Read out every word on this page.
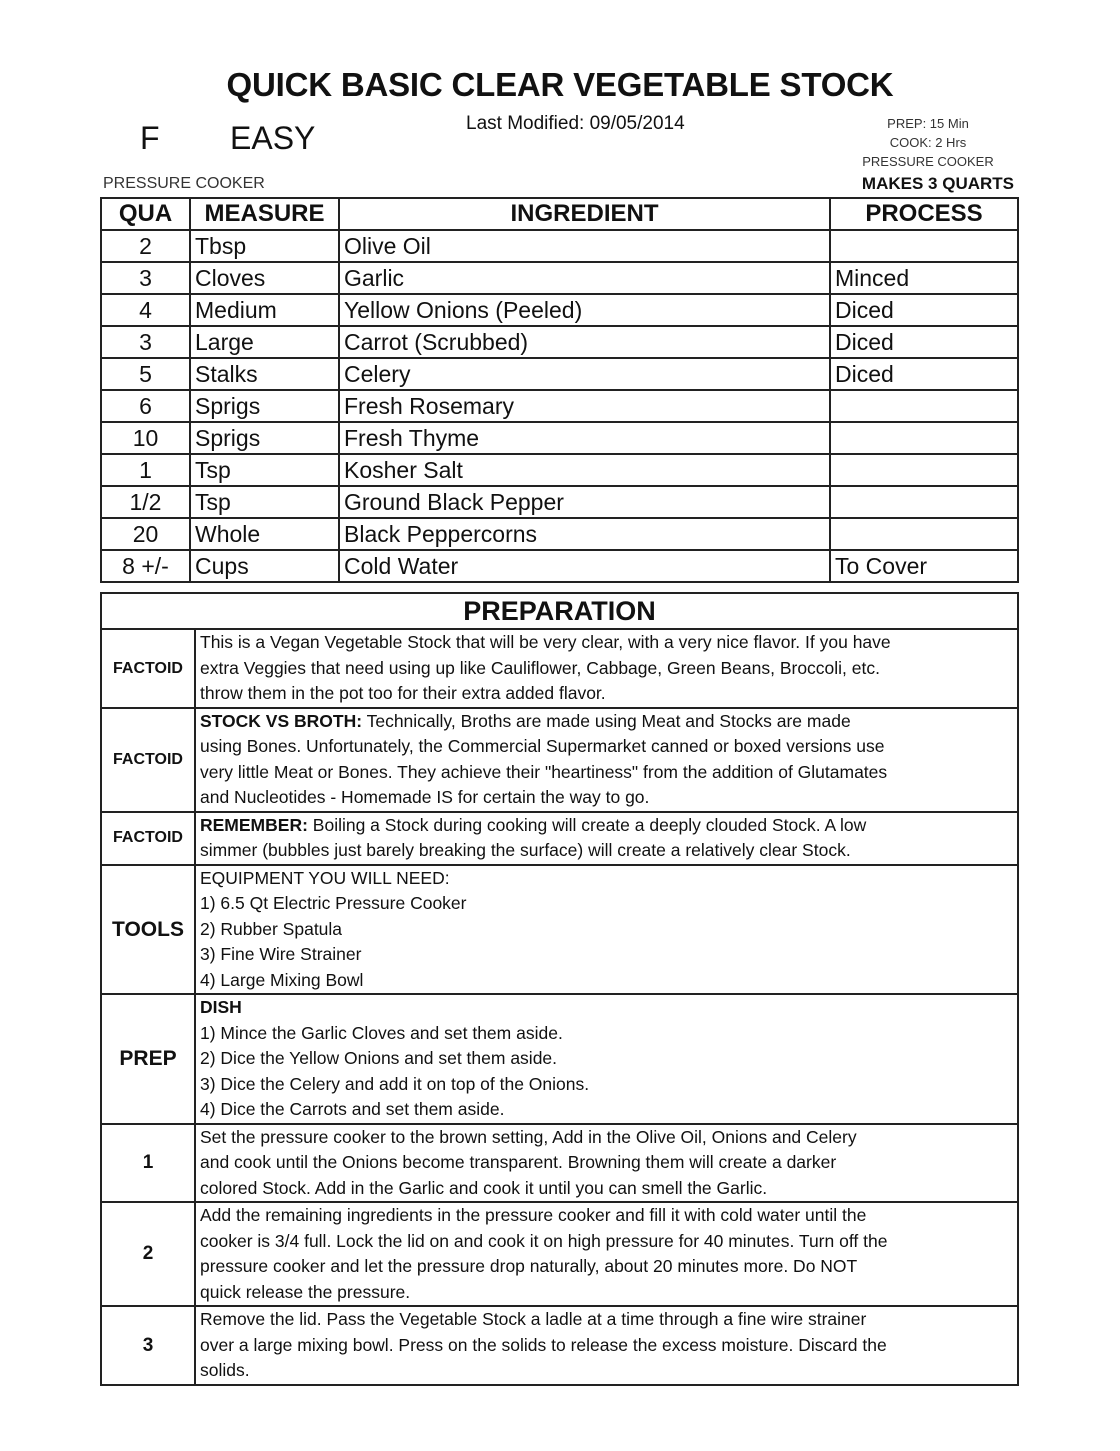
QUICK BASIC CLEAR VEGETABLE STOCK
F EASY	Last Modified: 09/05/2014	PREP: 15 Min
COOK: 2 Hrs
PRESSURE COOKER
PRESSURE COOKER	MAKES 3 QUARTS
QUA	MEASURE	INGREDIENT	PROCESS
2	Tbsp	Olive Oil	
3	Cloves	Garlic	Minced
4	Medium	Yellow Onions (Peeled)	Diced
3	Large	Carrot (Scrubbed)	Diced
5	Stalks	Celery	Diced
6	Sprigs	Fresh Rosemary	
10	Sprigs	Fresh Thyme	
1	Tsp	Kosher Salt	
1/2	Tsp	Ground Black Pepper	
20	Whole	Black Peppercorns	
8 +/-	Cups	Cold Water	To Cover
PREPARATION	
FACTOID	This is a Vegan Vegetable Stock that will be very clear, with a very nice flavor. If you have
extra Veggies that need using up like Cauliflower, Cabbage, Green Beans, Broccoli, etc.
throw them in the pot too for their extra added flavor.

FACTOID	STOCK VS BROTH: Technically, Broths are made using Meat and Stocks are made
using Bones. Unfortunately, the Commercial Supermarket canned or boxed versions use
very little Meat or Bones. They achieve their "heartiness" from the addition of Glutamates
and Nucleotides - Homemade IS for certain the way to go.

FACTOID	REMEMBER: Boiling a Stock during cooking will create a deeply clouded Stock. A low
simmer (bubbles just barely breaking the surface) will create a relatively clear Stock.

TOOLS	EQUIPMENT YOU WILL NEED:
1) 6.5 Qt Electric Pressure Cooker
2) Rubber Spatula
3) Fine Wire Strainer
4) Large Mixing Bowl

PREP	DISH
1) Mince the Garlic Cloves and set them aside.
2) Dice the Yellow Onions and set them aside.
3) Dice the Celery and add it on top of the Onions.
4) Dice the Carrots and set them aside.

1	Set the pressure cooker to the brown setting, Add in the Olive Oil, Onions and Celery
and cook until the Onions become transparent. Browning them will create a darker
colored Stock. Add in the Garlic and cook it until you can smell the Garlic.

2	Add the remaining ingredients in the pressure cooker and fill it with cold water until the
cooker is 3/4 full. Lock the lid on and cook it on high pressure for 40 minutes. Turn off the
pressure cooker and let the pressure drop naturally, about 20 minutes more. Do NOT
quick release the pressure.

3	Remove the lid. Pass the Vegetable Stock a ladle at a time through a fine wire strainer
over a large mixing bowl. Press on the solids to release the excess moisture. Discard the
solids.
